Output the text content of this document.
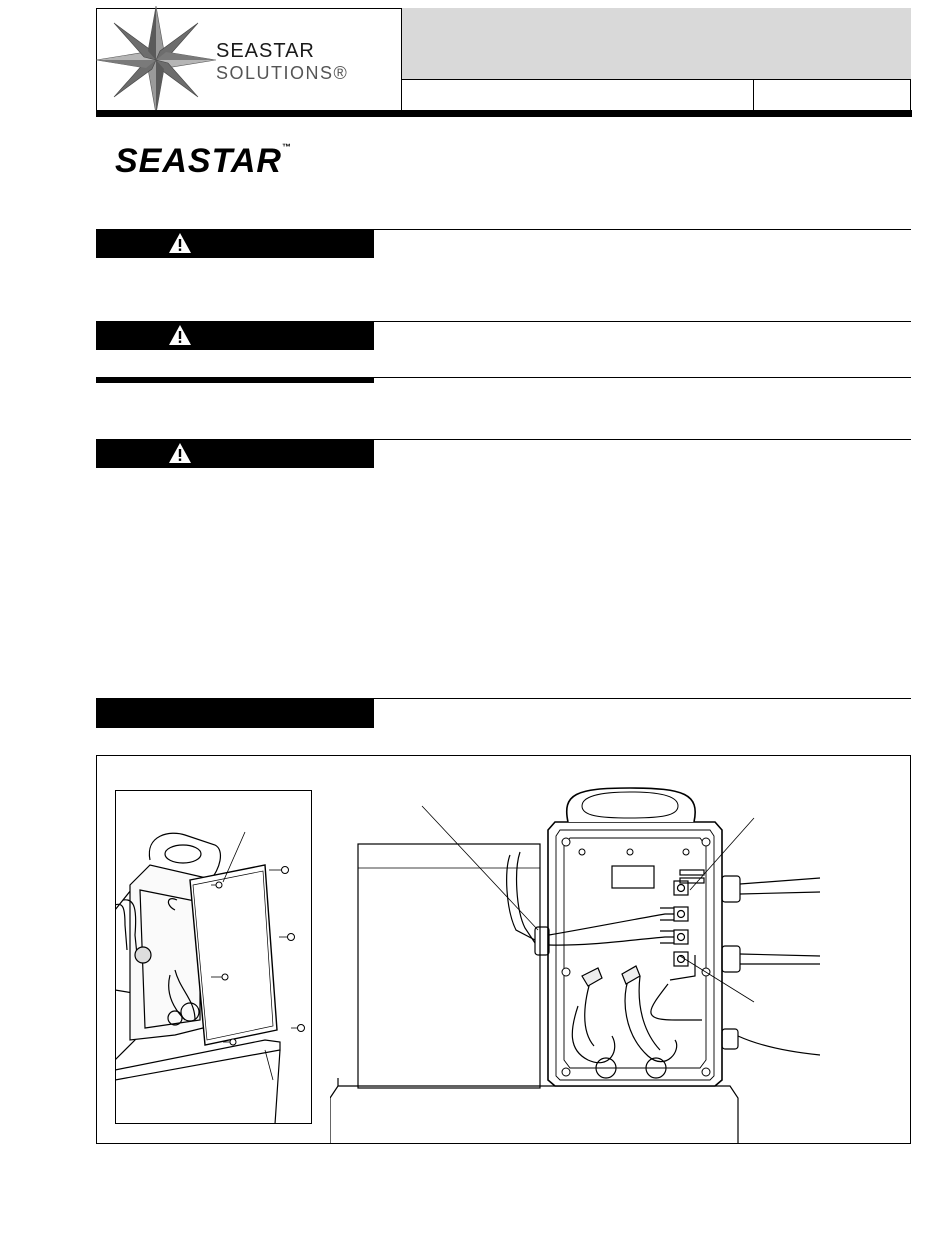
SEASTAR
SOLUTIONS®
SEASTAR™
